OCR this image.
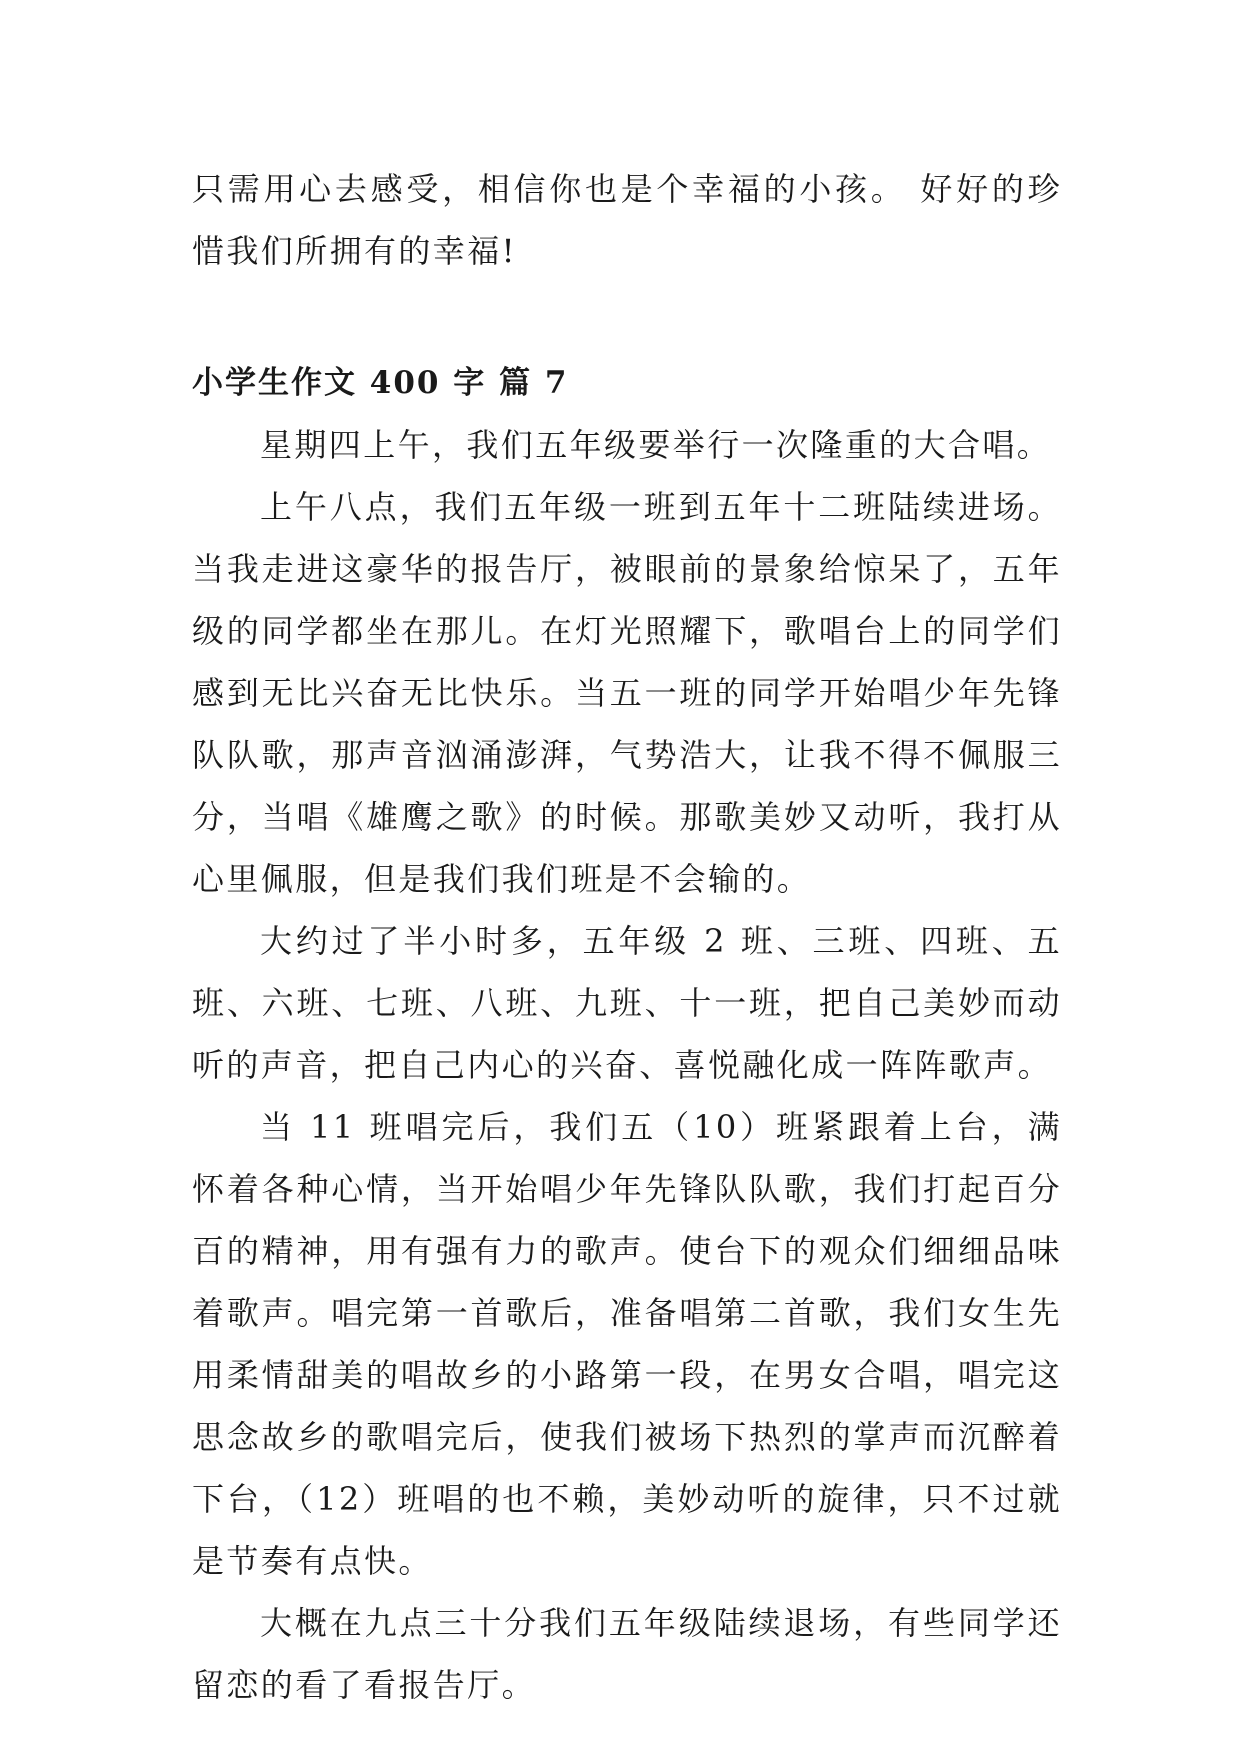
只需用心去感受，相信你也是个幸福的小孩。 好好的珍惜我们所拥有的幸福!

小学生作文 400 字 篇 7

星期四上午，我们五年级要举行一次隆重的大合唱。

上午八点，我们五年级一班到五年十二班陆续进场。当我走进这豪华的报告厅，被眼前的景象给惊呆了，五年级的同学都坐在那儿。在灯光照耀下，歌唱台上的同学们感到无比兴奋无比快乐。当五一班的同学开始唱少年先锋队队歌，那声音汹涌澎湃，气势浩大，让我不得不佩服三分，当唱《雄鹰之歌》的时候。那歌美妙又动听，我打从心里佩服，但是我们我们班是不会输的。

大约过了半小时多，五年级 2 班、三班、四班、五班、六班、七班、八班、九班、十一班，把自己美妙而动听的声音，把自己内心的兴奋、喜悦融化成一阵阵歌声。

当 11 班唱完后，我们五（10）班紧跟着上台，满怀着各种心情，当开始唱少年先锋队队歌，我们打起百分百的精神，用有强有力的歌声。使台下的观众们细细品味着歌声。唱完第一首歌后，准备唱第二首歌，我们女生先用柔情甜美的唱故乡的小路第一段，在男女合唱，唱完这思念故乡的歌唱完后，使我们被场下热烈的掌声而沉醉着下台，（12）班唱的也不赖，美妙动听的旋律，只不过就是节奏有点快。

大概在九点三十分我们五年级陆续退场，有些同学还留恋的看了看报告厅。
